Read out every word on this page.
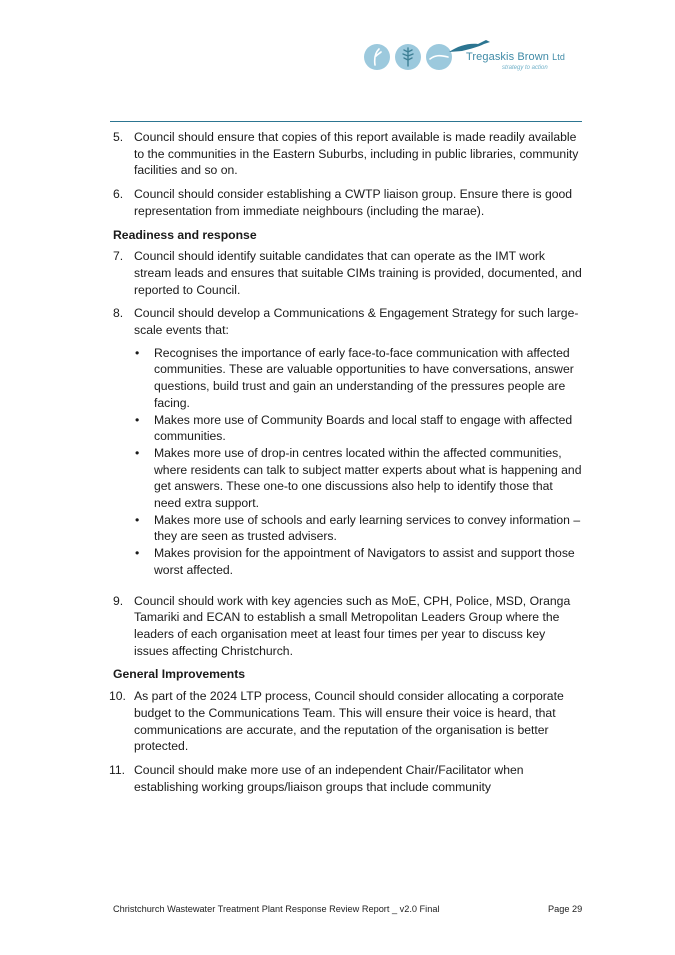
Tregaskis Brown Ltd
strategy to action
5. Council should ensure that copies of this report available is made readily available to the communities in the Eastern Suburbs, including in public libraries, community facilities and so on.
6. Council should consider establishing a CWTP liaison group. Ensure there is good representation from immediate neighbours (including the marae).
Readiness and response
7. Council should identify suitable candidates that can operate as the IMT work stream leads and ensures that suitable CIMs training is provided, documented, and reported to Council.
8. Council should develop a Communications & Engagement Strategy for such large-scale events that:
• Recognises the importance of early face-to-face communication with affected communities. These are valuable opportunities to have conversations, answer questions, build trust and gain an understanding of the pressures people are facing.
• Makes more use of Community Boards and local staff to engage with affected communities.
• Makes more use of drop-in centres located within the affected communities, where residents can talk to subject matter experts about what is happening and get answers. These one-to one discussions also help to identify those that need extra support.
• Makes more use of schools and early learning services to convey information – they are seen as trusted advisers.
• Makes provision for the appointment of Navigators to assist and support those worst affected.
9. Council should work with key agencies such as MoE, CPH, Police, MSD, Oranga Tamariki and ECAN to establish a small Metropolitan Leaders Group where the leaders of each organisation meet at least four times per year to discuss key issues affecting Christchurch.
General Improvements
10. As part of the 2024 LTP process, Council should consider allocating a corporate budget to the Communications Team. This will ensure their voice is heard, that communications are accurate, and the reputation of the organisation is better protected.
11. Council should make more use of an independent Chair/Facilitator when establishing working groups/liaison groups that include community
Christchurch Wastewater Treatment Plant Response Review Report _ v2.0 Final	Page 29
